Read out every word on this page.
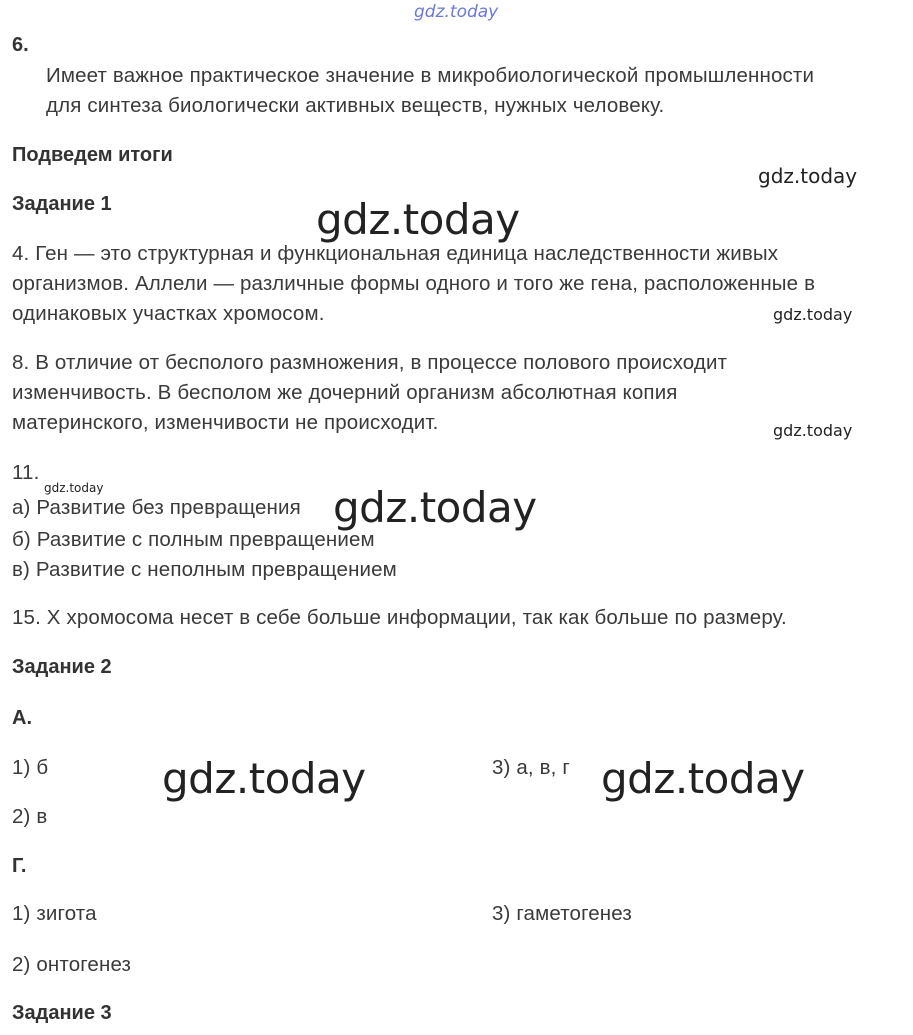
gdz.today
gdz.today
gdz.today
gdz.today
gdz.today
gdz.today	gdz.today
gdz.today	gdz.today
6.
Имеет важное практическое значение в микробиологической промышленности
для синтеза биологически активных веществ, нужных человеку.
Подведем итоги
Задание 1
4. Ген — это структурная и функциональная единица наследственности живых
организмов. Аллели — различные формы одного и того же гена, расположенные в
одинаковых участках хромосом.
8. В отличие от бесполого размножения, в процессе полового происходит
изменчивость. В бесполом же дочерний организм абсолютная копия
материнского, изменчивости не происходит.
11.
а) Развитие без превращения
б) Развитие с полным превращением
в) Развитие с неполным превращением
15. X хромосома несет в себе больше информации, так как больше по размеру.
Задание 2
А.
1) б	3) а, в, г
2) в
Г.
1) зигота	3) гаметогенез
2) онтогенез
Задание 3
